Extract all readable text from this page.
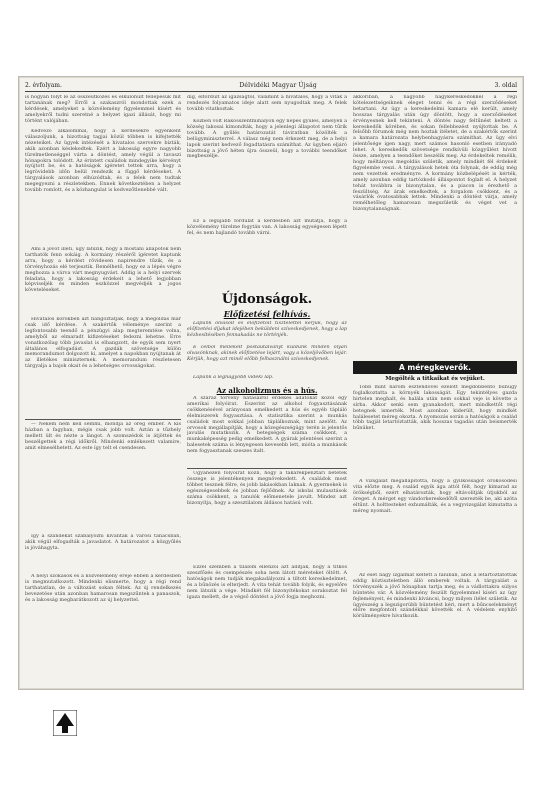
2. évfolyam.	Délvidéki Magyar Újság	3. oldal

is hogyan folyt le az összeütközés és elkülönült fellépésük mit tartanának meg? Erről a szakaszról mondottak ezek a kérdések, amelyeket a közvélemény figyelemmel kísért és amelyekről tudni szeretné a helyzet igazi állását, hogy mi történt valójában.

Kedvező alkalommal, hogy a kérdésekre egyenként válaszoljunk, a bizottság tagjai közül többen is kifejtették nézeteiket. Az ügyek intézését a hivatalos szervekre bízták, akik azonban késlekedtek. Ezért a lakosság egyre nagyobb türelmetlenséggel várta a döntést, amely végül a tavaszi hónapokra tolódott. Az érintett családok mindegyike kérvényt nyújtott be, és a hatóságok ígéretet tettek arra, hogy a legrövidebb időn belül rendezik a függő kérdéseket. A tárgyalások azonban elhúzódtak, és a felek nem tudtak megegyezni a részletekben. Ennek következtében a helyzet tovább romlott, és a közhangulat is kedvezőtlenebbé vált.

Ami a jövőt illeti, úgy látszik, hogy a mostani állapotok nem tarthatók fenn sokáig. A kormány részéről ígéretet kaptunk arra, hogy a kérdést rövidesen napirendre tűzik, és a törvényhozás elé terjesztik. Remélhető, hogy ez a lépés végre meghozza a várva várt megnyugvást. Addig is a helyi szervek feladata, hogy a lakosság érdekeit a lehető legjobban képviseljék és minden eszközzel megvédjék a jogos követeléseket.

Hivatalos körökben azt hangoztatják, hogy a megoldás már csak idő kérdése. A szakértők véleménye szerint a legfontosabb teendő a pénzügyi alap megteremtése volna, amelyből az elmaradt kifizetéseket fedezni lehetne. Erre vonatkozólag több javaslat is elhangzott, de egyik sem nyert általános elfogadást. A gazdák szövetsége külön memorandumot dolgozott ki, amelyet a napokban nyújtanak át az illetékes miniszternek. A memorandum részletesen tárgyalja a bajok okait és a lehetséges orvosságokat.

— Nekem nem kell semmi, mondja az öreg ember. A kis házban a fagyban, mégis csak jobb volt. Aztán a tűzhely mellett ült és nézte a lángot. A szomszédok is átjöttek és beszélgettek a régi időkről. Mindenki emlékezett valamire, amit elmesélhetett. Az este így telt el csendesen.

Így a szándékát szabályozni kívánták a városi tanácsban, akik végül elfogadták a javaslatot. A határozatot a közgyűlés is jóváhagyta.

A helyi szokások és a közvélemény ereje ebben a kérdésben is megmutatkozott. Mindenki elismerte, hogy a régi rend tarthatatlan, de a változást sokan féltek. Az új rendelkezés bevezetése után azonban hamarosan megszűntek a panaszok, és a lakosság megbarátkozott az új helyzettel.

dig, elfordult az igazságtól, valamint a hivatalos, hogy a viták a rendezés folyamatos ideje alatt sem nyugodtak meg. A felek tovább vitatkoztak.

Közben volt Rákosszentmihályon egy népes gyűlés, amelyen a község lakosai kimondták, hogy a jelenlegi állapotot nem tűrik tovább. A gyűlés határozatát táviratban közölték a belügyminiszterrel. A válasz még nem érkezett meg, de a helyi lapok szerint kedvező fogadtatásra számíthat. Az ügyben eljáró bizottság a jövő héten újra összeül, hogy a további teendőket megbeszélje.

Ez a legújabb fordulat a kérdésben azt mutatja, hogy a közvélemény türelme fogytán van. A lakosság egységesen lépett fel, és nem hajlandó tovább várni.

Újdonságok.
Előfizetési felhívás.

Lapunk olvasóit és előfizetőit tisztelettel kérjük, hogy az előfizetési díjakat idejében beküldeni szíveskedjenek, hogy a lap kézbesítésében fennakadás ne történjék.

E célból mellékelt postautalványt küldünk minden olyan olvasónknak, akinek előfizetése lejárt, vagy a közeljövőben lejár. Kérjük, hogy azt minél előbb felhasználni szíveskedjenek.

Lapunk a legnagyobb vidéki lap.

Az alkoholizmus és a hús.

A száraz törvény hatásairól érdekes adatokat közöl egy amerikai folyóirat. Eszerint az alkohol fogyasztásának csökkenésével arányosan emelkedett a hús és egyéb tápláló élelmiszerek fogyasztása. A statisztika szerint a munkás családok most sokkal jobban táplálkoznak, mint azelőtt. Az orvosok megállapítják, hogy a közegészségügy terén is jelentős javulás mutatkozik. A betegségek száma csökkent, a munkaképesség pedig emelkedett. A gyárak jelentései szerint a balesetek száma is lényegesen kevesebb lett, mióta a munkások nem fogyasztanak szeszes italt.

Ugyanezen folyóirat közli, hogy a takarékpénztári betétek összege is jelentékenyen megnövekedett. A családok most többet tesznek félre, és jobb lakásokban laknak. A gyermekek is egészségesebbek és jobban fejlődnek. Az iskolai mulasztások száma csökkent, a tanulók előmenetele javult. Mindez azt bizonyítja, hogy a szesztilalom áldásos hatású volt.

Ezzel szemben a tilalom ellenzői azt állítják, hogy a titkos szeszfőzés és csempészés soha nem látott méreteket öltött. A hatóságok nem tudják megakadályozni a tiltott kereskedelmet, és a bűnözés is elterjedt. A vita tehát tovább folyik, és egyelőre nem látszik a vége. Mindkét fél bizonyítékokat sorakoztat fel igaza mellett, de a végső döntést a jövő fogja meghozni.

akkoriban, a nagyobb nagykereskedőkkel a régi kötelezettségeiknek eleget tenni és a régi szerződéseket betartani. Az ügy a kereskedelmi kamara elé került, amely hosszas tárgyalás után úgy döntött, hogy a szerződéseket érvényesnek kell tekinteni. A döntés nagy feltűnést keltett a kereskedők körében, és sokan fellebbezést nyújtottak be. A felsőbb fórumok még nem hoztak ítéletet, de a szakértők szerint a kamara határozata helybenhagyásra számíthat. Az ügy elvi jelentősége igen nagy, mert számos hasonló esetben irányadó lehet. A kereskedők szövetsége rendkívüli közgyűlést hívott össze, amelyen a teendőket beszélik meg. Az érdekeltek remélik, hogy méltányos megoldás születik, amely mindkét fél érdekeit figyelembe veszi. A tárgyalások hetek óta folynak, de eddig még nem vezettek eredményre. A kormány közbelépését is kérték, amely azonban eddig tartózkodó álláspontot foglalt el. A helyzet tehát továbbra is bizonytalan, és a piacon is érezhető a feszültség. Az árak emelkedtek, a forgalom csökkent, és a vásárlók óvatosabbak lettek. Mindenki a döntést várja, amely remélhetőleg hamarosan megszületik és véget vet a bizonytalanságnak.

A méregkeverők.
Megölték a titkaikat és vejüket.

Több mint három esztendővel ezelőtt megdöbbentő bűnügy foglalkoztatta a környék lakosságát. Egy tekintélyes gazda hirtelen meghalt, és halála után nem sokkal veje is követte a sírba. Akkor senki sem gyanakodott, mert mindkettőt régi betegnek ismerték. Most azonban kiderült, hogy mindkét halálesetet méreg okozta. A nyomozás során a hatóságok a család több tagját letartóztatták, akik hosszas tagadás után beismerték bűnüket.

A vizsgálat megállapította, hogy a gyilkosságot örökösödési vita előzte meg. A család egyik ága attól félt, hogy kimarad az örökségből, ezért elhatározták, hogy eltávolítják útjukból az öreget. A mérget egy vándorkereskedőtől szerezték be, aki azóta eltűnt. A holttesteket exhumálták, és a vegyvizsgálat kimutatta a méreg nyomait.

Az eset nagy izgalmat keltett a faluban, ahol a letartóztatottak eddig köztiszteletben álló emberek voltak. A tárgyalást a törvényszék a jövő hónapban tartja meg, és a vádlottakra súlyos büntetés vár. A közvélemény feszült figyelemmel kíséri az ügy fejleményeit, és mindenki kíváncsi, hogy milyen ítélet születik. Az ügyészség a legszigorúbb büntetést kéri, mert a bűncselekményt előre megfontolt szándékkal követték el. A védelem enyhítő körülményekre hivatkozik.
